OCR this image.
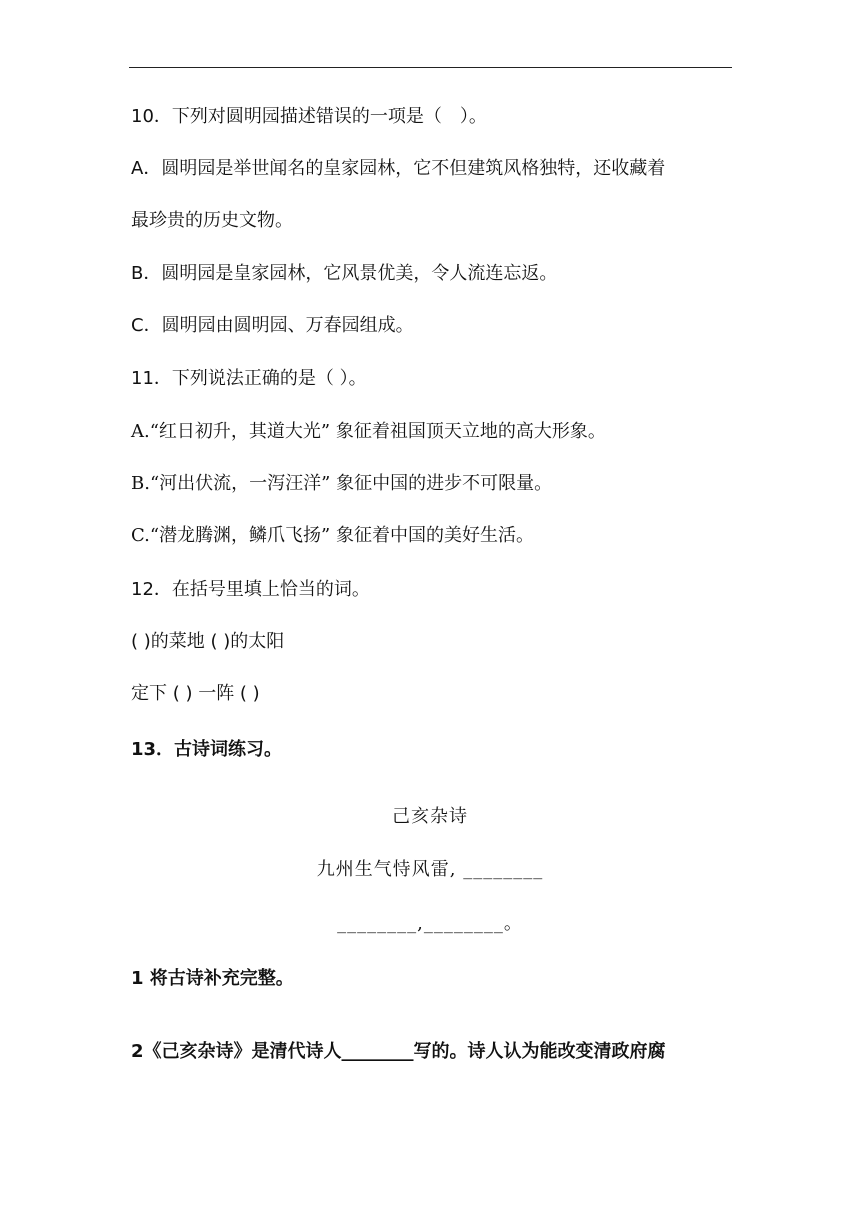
10．下列对圆明园描述错误的一项是（　）。
A．圆明园是举世闻名的皇家园林，它不但建筑风格独特，还收藏着
最珍贵的历史文物。
B．圆明园是皇家园林，它风景优美，令人流连忘返。
C．圆明园由圆明园、万春园组成。
11．下列说法正确的是（ ）。
A.“红日初升，其道大光” 象征着祖国顶天立地的高大形象。
B.“河出伏流，一泻汪洋” 象征中国的进步不可限量。
C.“潜龙腾渊，鳞爪飞扬” 象征着中国的美好生活。
12．在括号里填上恰当的词。
( )的菜地 ( )的太阳
定下 ( ) 一阵 ( )
13．古诗词练习。
己亥杂诗
九州生气恃风雷, ________
________,________。
1 将古诗补充完整。
2《己亥杂诗》是清代诗人________写的。诗人认为能改变清政府腐
